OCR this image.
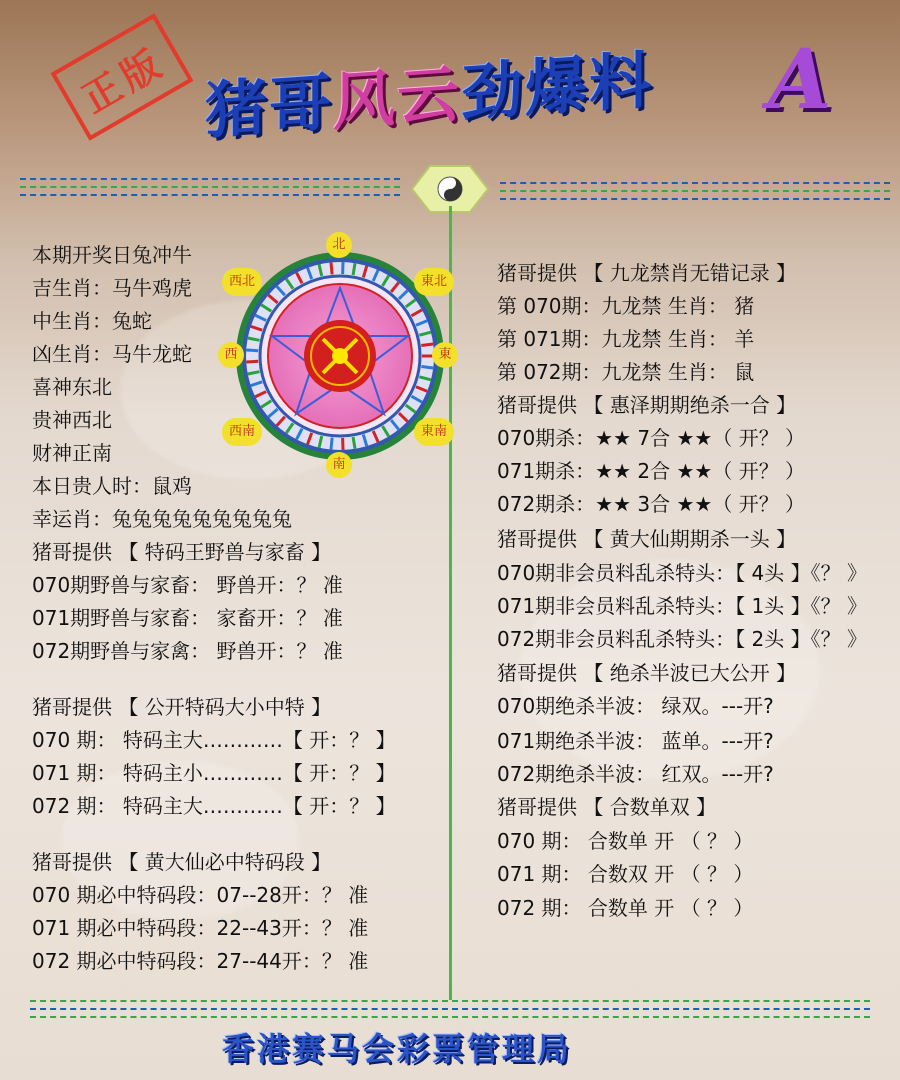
正版 猪哥风云劲爆料 A
北
西北	東北
西	東
西南	東南
南
本期开奖日兔冲牛
吉生肖：马牛鸡虎
中生肖：兔蛇
凶生肖：马牛龙蛇
喜神东北
贵神西北
财神正南
本日贵人时：鼠鸡
幸运肖：兔兔兔兔兔兔兔兔兔
猪哥提供 【 特码王野兽与家畜 】
070期野兽与家畜： 野兽开：？ 准
071期野兽与家畜： 家畜开：？ 准
072期野兽与家禽： 野兽开：？ 准
猪哥提供 【 公开特码大小中特 】
070 期： 特码主大…………【 开：？ 】
071 期： 特码主小…………【 开：？ 】
072 期： 特码主大…………【 开：？ 】
猪哥提供 【 黄大仙必中特码段 】
070 期必中特码段：07--28开：？ 准
071 期必中特码段：22--43开：？ 准
072 期必中特码段：27--44开：？ 准
猪哥提供 【 九龙禁肖无错记录 】
第 070期：九龙禁 生肖： 猪
第 071期：九龙禁 生肖： 羊
第 072期：九龙禁 生肖： 鼠
猪哥提供 【 惠泽期期绝杀一合 】
070期杀：★★ 7合 ★★（ 开？ ）
071期杀：★★ 2合 ★★（ 开？ ）
072期杀：★★ 3合 ★★（ 开？ ）
猪哥提供 【 黄大仙期期杀一头 】
070期非会员料乱杀特头：【 4头 】《？ 》
071期非会员料乱杀特头：【 1头 】《？ 》
072期非会员料乱杀特头：【 2头 】《？ 》
猪哥提供 【 绝杀半波已大公开 】
070期绝杀半波： 绿双。---开?
071期绝杀半波： 蓝单。---开?
072期绝杀半波： 红双。---开?
猪哥提供 【 合数单双 】
070 期： 合数单 开 （ ？ ）
071 期： 合数双 开 （ ？ ）
072 期： 合数单 开 （ ？ ）
香港赛马会彩票管理局
